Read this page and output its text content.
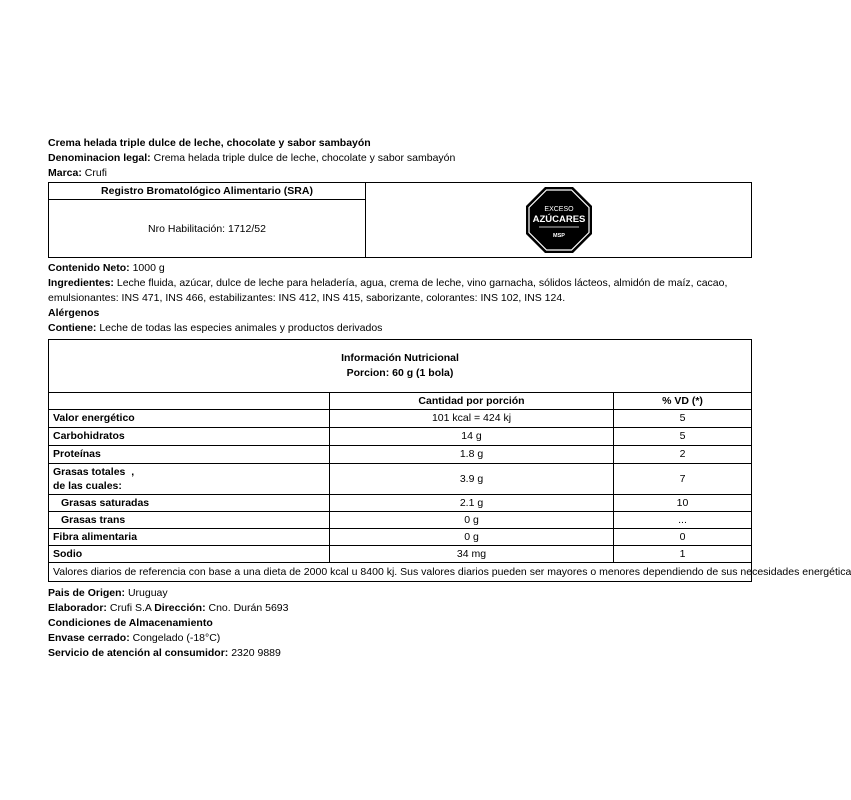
Crema helada triple dulce de leche, chocolate y sabor sambayón
Denominacion legal: Crema helada triple dulce de leche, chocolate y sabor sambayón
Marca: Crufi
Registro Bromatológico Alimentario (SRA)
Nro Habilitación: 1712/52
EXCESO
AZÚCARES
MSP
Contenido Neto: 1000 g
Ingredientes: Leche fluida, azúcar, dulce de leche para heladería, agua, crema de leche, vino garnacha, sólidos lácteos, almidón de maíz, cacao, emulsionantes: INS 471, INS 466, estabilizantes: INS 412, INS 415, saborizante, colorantes: INS 102, INS 124.
Alérgenos
Contiene: Leche de todas las especies animales y productos derivados
Información Nutricional
Porcion: 60 g (1 bola)
Cantidad por porción	% VD (*)
Valor energético	101 kcal = 424 kj	5
Carbohidratos	14 g	5
Proteínas	1.8 g	2
Grasas totales ,
de las cuales:
3.9 g	7
Grasas saturadas	2.1 g	10
Grasas trans	0 g	...
Fibra alimentaria	0 g	0
Sodio	34 mg	1
Valores diarios de referencia con base a una dieta de 2000 kcal u 8400 kj. Sus valores diarios pueden ser mayores o menores dependiendo de sus necesidades energética
Pais de Origen: Uruguay
Elaborador: Crufi S.A Dirección: Cno. Durán 5693
Condiciones de Almacenamiento
Envase cerrado: Congelado (-18°C)
Servicio de atención al consumidor: 2320 9889
